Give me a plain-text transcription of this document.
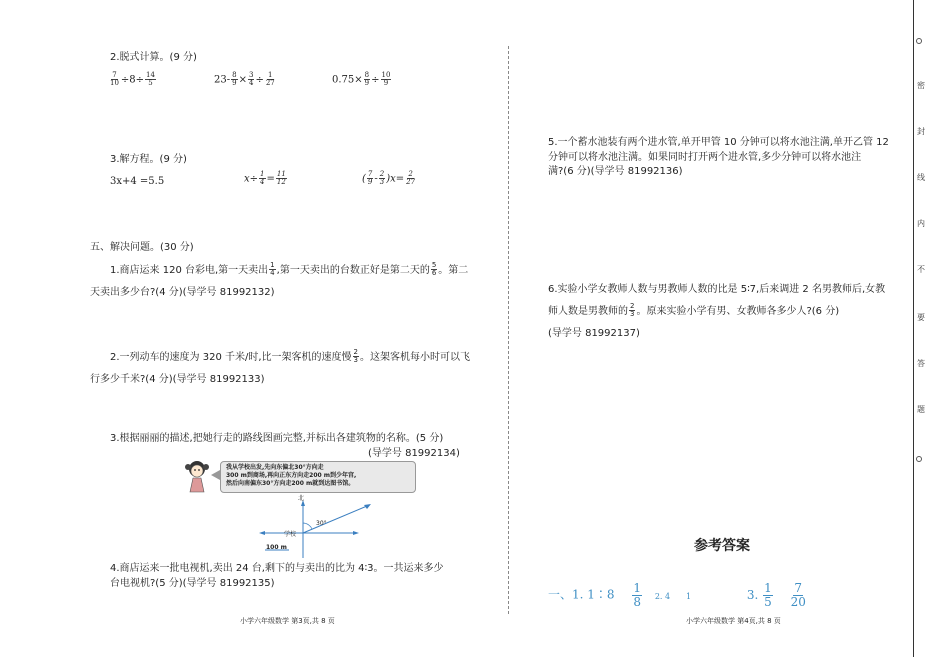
2.脱式计算。(9 分)
$\frac{7}{10} \div 8\div \frac{14}{5}$	$23- \frac{8}{9} \times \frac{3}{4} \div \frac{1}{27}$	$0.75\times \frac{8}{9} \div \frac{10}{9}$
3.解方程。(9 分)
3x+4 =5.5	$x\div \frac{1}{4} = \frac{11}{12}$	( $\frac{7}{9} - \frac{2}{3} )x= \frac{2}{27}$
五、解决问题。(30 分)
1.商店运来 120 台彩电,第一天卖出 $\frac{1}{4}$ ,第一天卖出的台数正好是第二天的 $\frac{5}{6}$ 。第二
天卖出多少台?(4 分)(导学号 81992132)
2.一列动车的速度为 320 千米/时,比一架客机的速度慢 $\frac{2}{3}$ 。这架客机每小时可以飞
行多少千米?(4 分)(导学号 81992133)
3.根据丽丽的描述,把她行走的路线图画完整,并标出各建筑物的名称。(5 分)
(导学号 81992134)
我从学校出发,先向东偏北30°方向走
300 m到商场,再向正东方向走200 m到少年宫,
然后向南偏东30°方向走200 m就到达图书馆。
北
30°
学校
100 m
4.商店运来一批电视机,卖出 24 台,剩下的与卖出的比为 4∶3。一共运来多少
台电视机?(5 分)(导学号 81992135)
小学六年级数学 第3页,共 8 页
5.一个蓄水池装有两个进水管,单开甲管 10 分钟可以将水池注满,单开乙管 12
分钟可以将水池注满。如果同时打开两个进水管,多少分钟可以将水池注
满?(6 分)(导学号 81992136)
6.实验小学女教师人数与男教师人数的比是 5∶7,后来调进 2 名男教师后,女教
师人数是男教师的 $\frac{2}{3}$ 。原来实验小学有男、女教师各多少人?(6 分)
(导学号 81992137)
参考答案
一、1. 1∶8 $\frac{1}{8} 2$. 4 1	3. $\frac{1}{5}$
$\frac{7}{20}$
小学六年级数学 第4页,共 8 页
密
封
线
内
不
要
答
题
